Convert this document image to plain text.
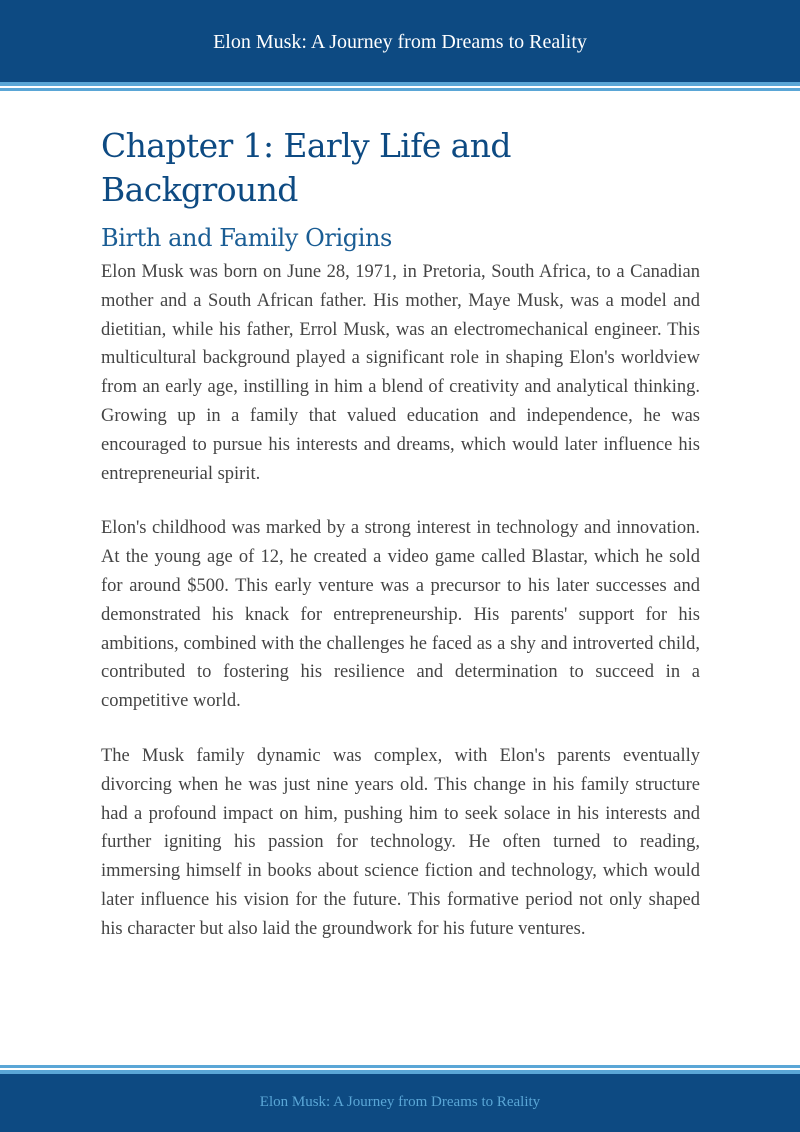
Elon Musk: A Journey from Dreams to Reality
Chapter 1: Early Life and Background
Birth and Family Origins

Elon Musk was born on June 28, 1971, in Pretoria, South Africa, to a Canadian mother and a South African father. His mother, Maye Musk, was a model and dietitian, while his father, Errol Musk, was an electromechanical engineer. This multicultural background played a significant role in shaping Elon's worldview from an early age, instilling in him a blend of creativity and analytical thinking. Growing up in a family that valued education and independence, he was encouraged to pursue his interests and dreams, which would later influence his entrepreneurial spirit.

Elon's childhood was marked by a strong interest in technology and innovation. At the young age of 12, he created a video game called Blastar, which he sold for around $500. This early venture was a precursor to his later successes and demonstrated his knack for entrepreneurship. His parents' support for his ambitions, combined with the challenges he faced as a shy and introverted child, contributed to fostering his resilience and determination to succeed in a competitive world.

The Musk family dynamic was complex, with Elon's parents eventually divorcing when he was just nine years old. This change in his family structure had a profound impact on him, pushing him to seek solace in his interests and further igniting his passion for technology. He often turned to reading, immersing himself in books about science fiction and technology, which would later influence his vision for the future. This formative period not only shaped his character but also laid the groundwork for his future ventures.

Elon Musk: A Journey from Dreams to Reality
